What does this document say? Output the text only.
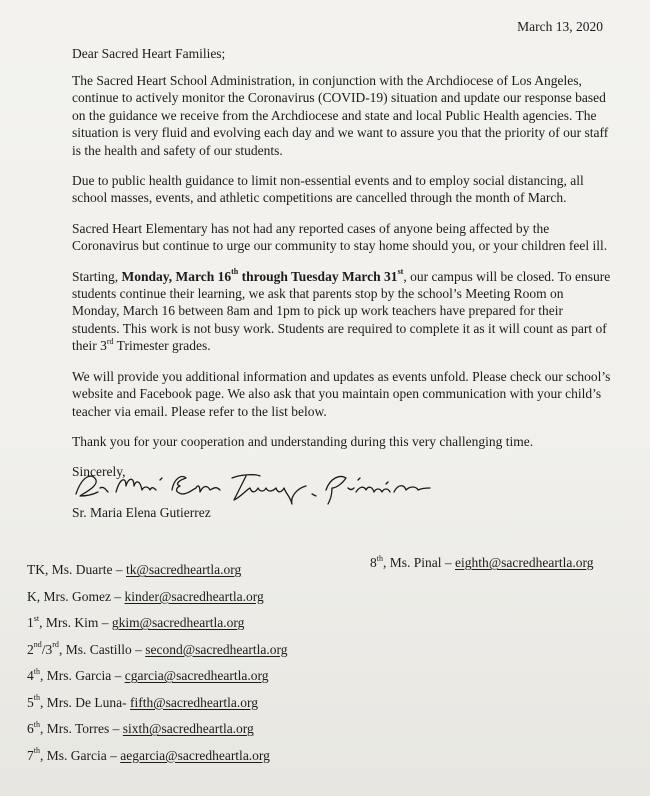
March 13, 2020
Dear Sacred Heart Families;

The Sacred Heart School Administration, in conjunction with the Archdiocese of Los Angeles, continue to actively monitor the Coronavirus (COVID-19) situation and update our response based on the guidance we receive from the Archdiocese and state and local Public Health agencies. The situation is very fluid and evolving each day and we want to assure you that the priority of our staff is the health and safety of our students.

Due to public health guidance to limit non-essential events and to employ social distancing, all school masses, events, and athletic competitions are cancelled through the month of March.

Sacred Heart Elementary has not had any reported cases of anyone being affected by the Coronavirus but continue to urge our community to stay home should you, or your children feel ill.

Starting, Monday, March 16th through Tuesday March 31st, our campus will be closed. To ensure students continue their learning, we ask that parents stop by the school’s Meeting Room on Monday, March 16 between 8am and 1pm to pick up work teachers have prepared for their students. This work is not busy work. Students are required to complete it as it will count as part of their 3rd Trimester grades.

We will provide you additional information and updates as events unfold. Please check our school’s website and Facebook page. We also ask that you maintain open communication with your child’s teacher via email. Please refer to the list below.

Thank you for your cooperation and understanding during this very challenging time.

Sincerely,

Sr. Maria Elena Gutierrez
TK, Ms. Duarte – tk@sacredheartla.org
K, Mrs. Gomez – kinder@sacredheartla.org
1st, Mrs. Kim – gkim@sacredheartla.org
2nd/3rd, Ms. Castillo – second@sacredheartla.org
4th, Mrs. Garcia – cgarcia@sacredheartla.org
5th, Mrs. De Luna- fifth@sacredheartla.org
6th, Mrs. Torres – sixth@sacredheartla.org
7th, Ms. Garcia – aegarcia@sacredheartla.org
8th, Ms. Pinal – eighth@sacredheartla.org
